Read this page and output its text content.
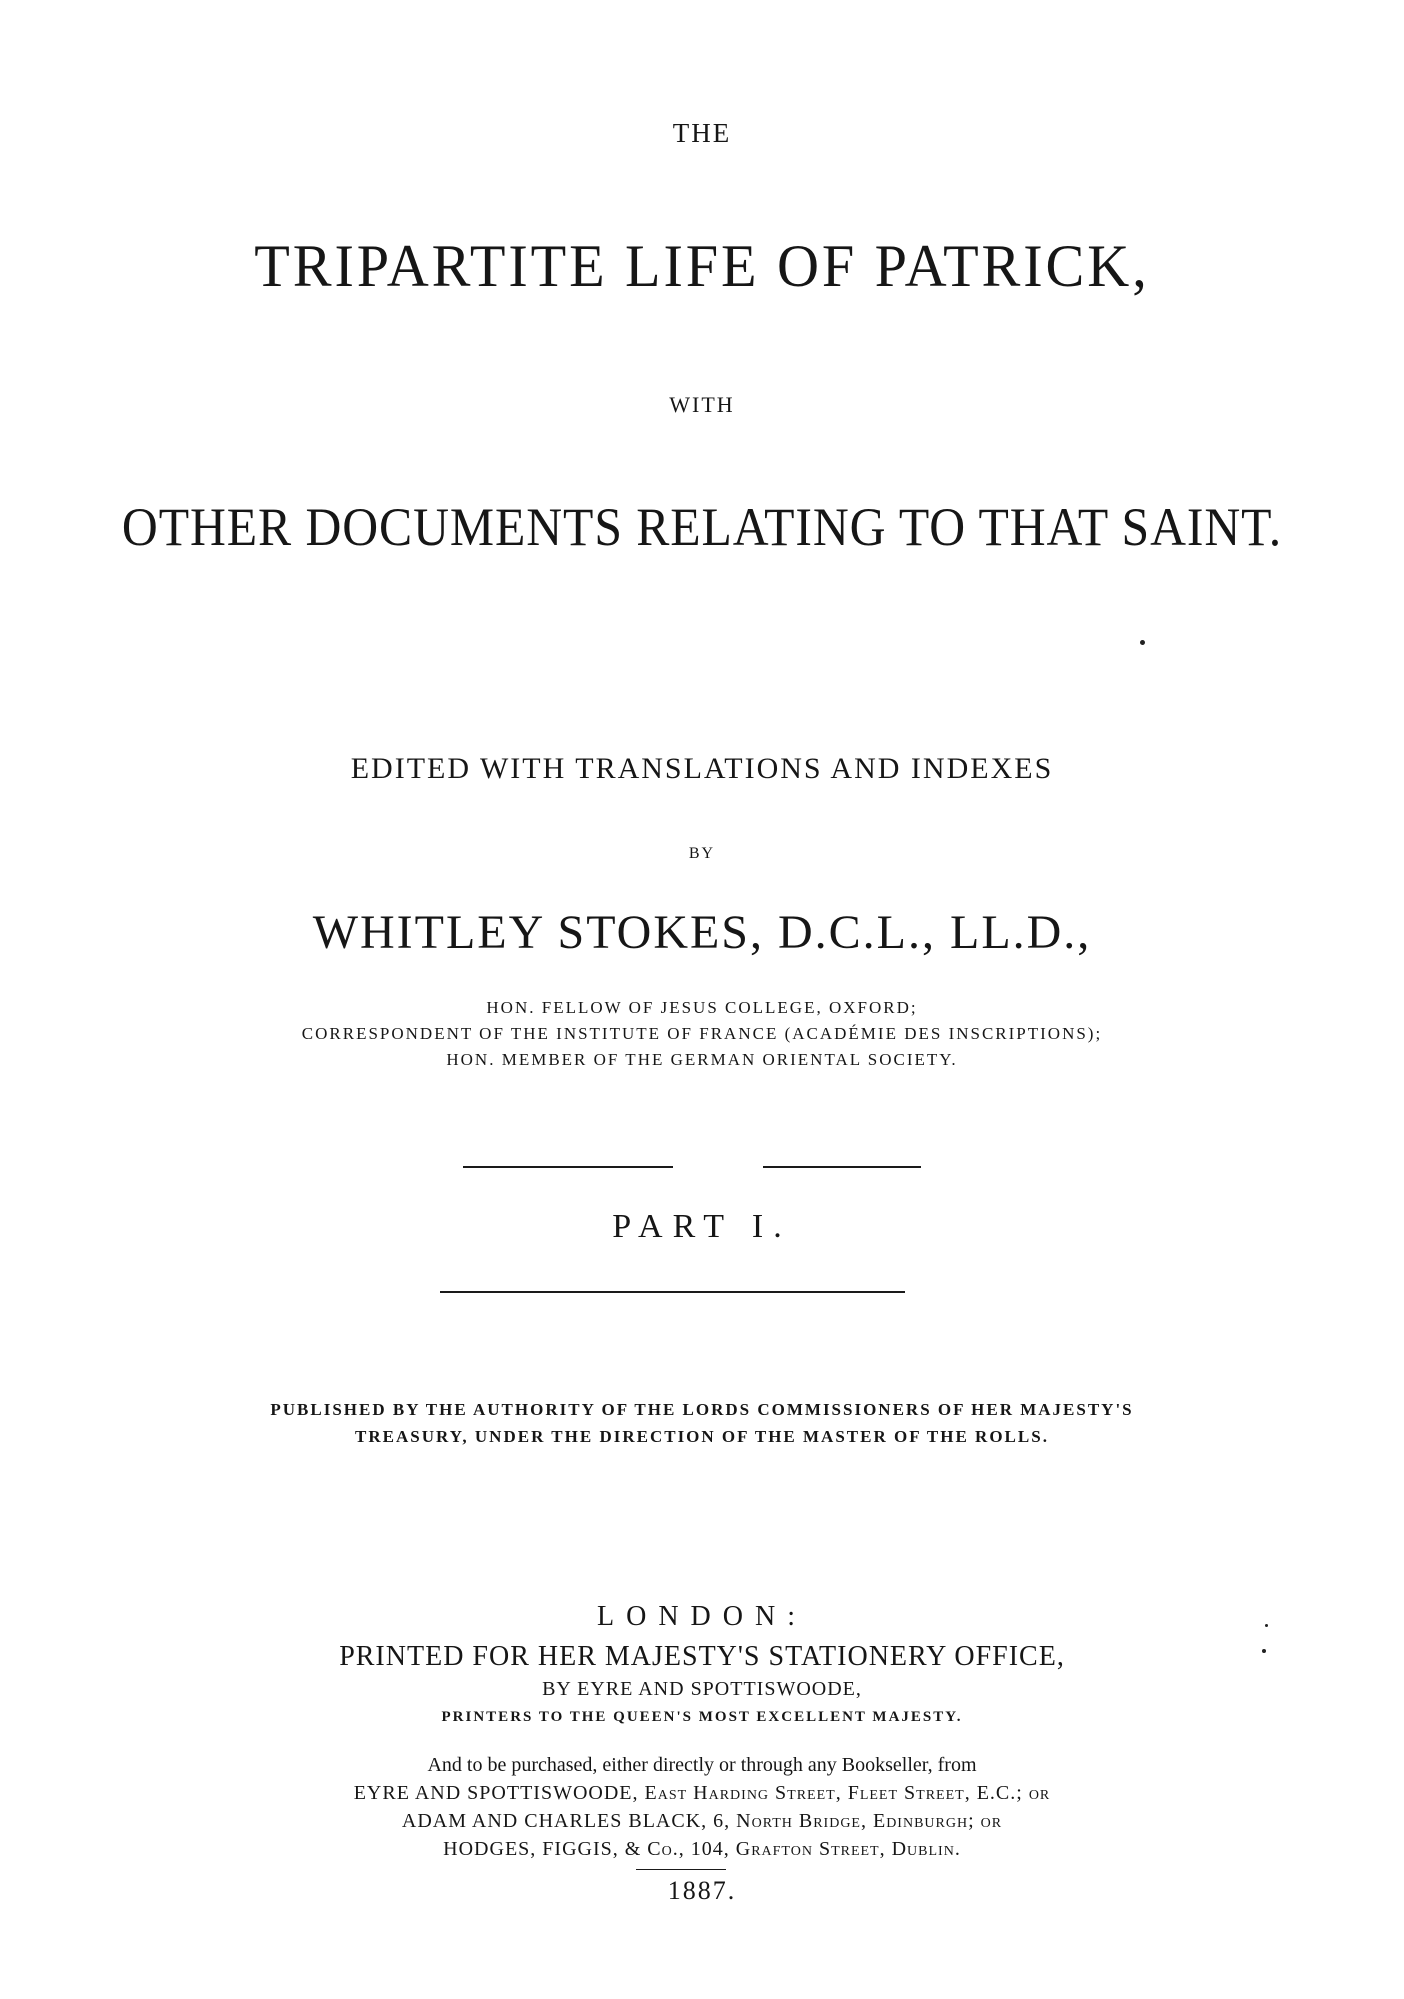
THE
TRIPARTITE LIFE OF PATRICK,
WITH
OTHER DOCUMENTS RELATING TO THAT SAINT.
EDITED WITH TRANSLATIONS AND INDEXES
BY
WHITLEY STOKES, D.C.L., LL.D.,
HON. FELLOW OF JESUS COLLEGE, OXFORD;
CORRESPONDENT OF THE INSTITUTE OF FRANCE (ACADÉMIE DES INSCRIPTIONS);
HON. MEMBER OF THE GERMAN ORIENTAL SOCIETY.
PART I.
PUBLISHED BY THE AUTHORITY OF THE LORDS COMMISSIONERS OF HER MAJESTY'S
TREASURY, UNDER THE DIRECTION OF THE MASTER OF THE ROLLS.
LONDON:
PRINTED FOR HER MAJESTY'S STATIONERY OFFICE,
BY EYRE AND SPOTTISWOODE,
PRINTERS TO THE QUEEN'S MOST EXCELLENT MAJESTY.
And to be purchased, either directly or through any Bookseller, from
EYRE AND SPOTTISWOODE, East Harding Street, Fleet Street, E.C.; or
ADAM AND CHARLES BLACK, 6, North Bridge, Edinburgh; or
HODGES, FIGGIS, & Co., 104, Grafton Street, Dublin.
1887.
